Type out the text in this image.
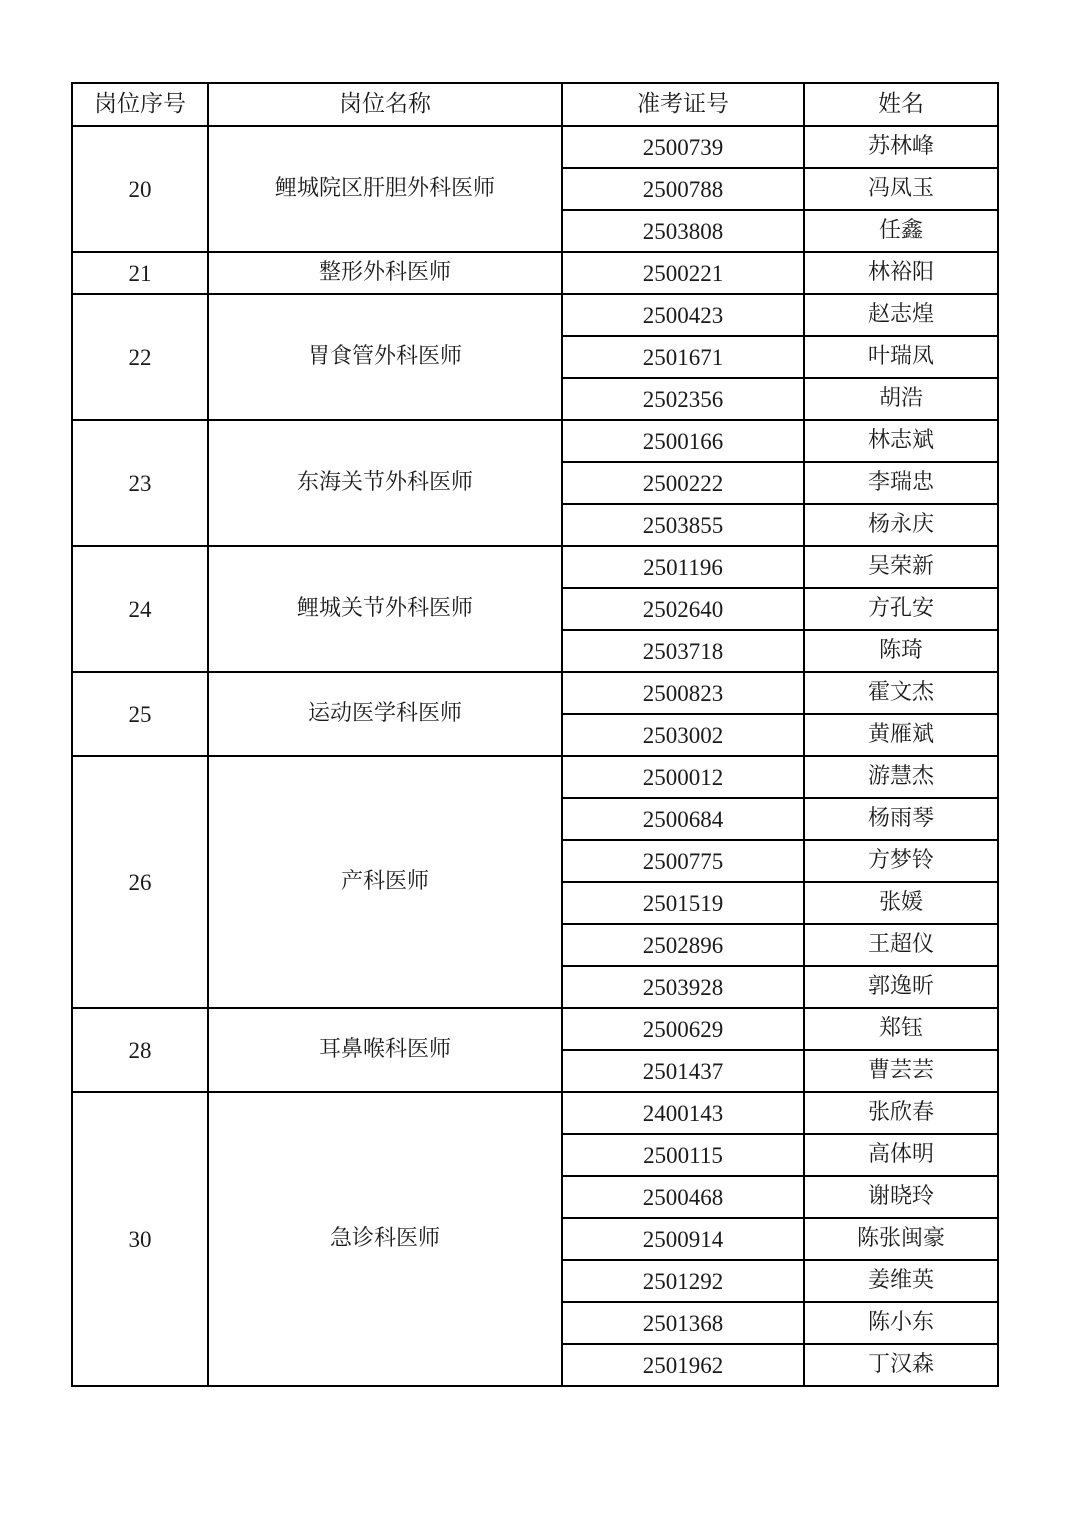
岗位序号	岗位名称	准考证号	姓名
20	鲤城院区肝胆外科医师	2500739	苏林峰
		2500788	冯凤玉
		2503808	任鑫
21	整形外科医师	2500221	林裕阳
22	胃食管外科医师	2500423	赵志煌
		2501671	叶瑞凤
		2502356	胡浩
23	东海关节外科医师	2500166	林志斌
		2500222	李瑞忠
		2503855	杨永庆
24	鲤城关节外科医师	2501196	吴荣新
		2502640	方孔安
		2503718	陈琦
25	运动医学科医师	2500823	霍文杰
		2503002	黄雁斌
26	产科医师	2500012	游慧杰
		2500684	杨雨琴
		2500775	方梦铃
		2501519	张媛
		2502896	王超仪
		2503928	郭逸昕
28	耳鼻喉科医师	2500629	郑钰
		2501437	曹芸芸
30	急诊科医师	2400143	张欣春
		2500115	高体明
		2500468	谢晓玲
		2500914	陈张闽豪
		2501292	姜维英
		2501368	陈小东
		2501962	丁汉森
